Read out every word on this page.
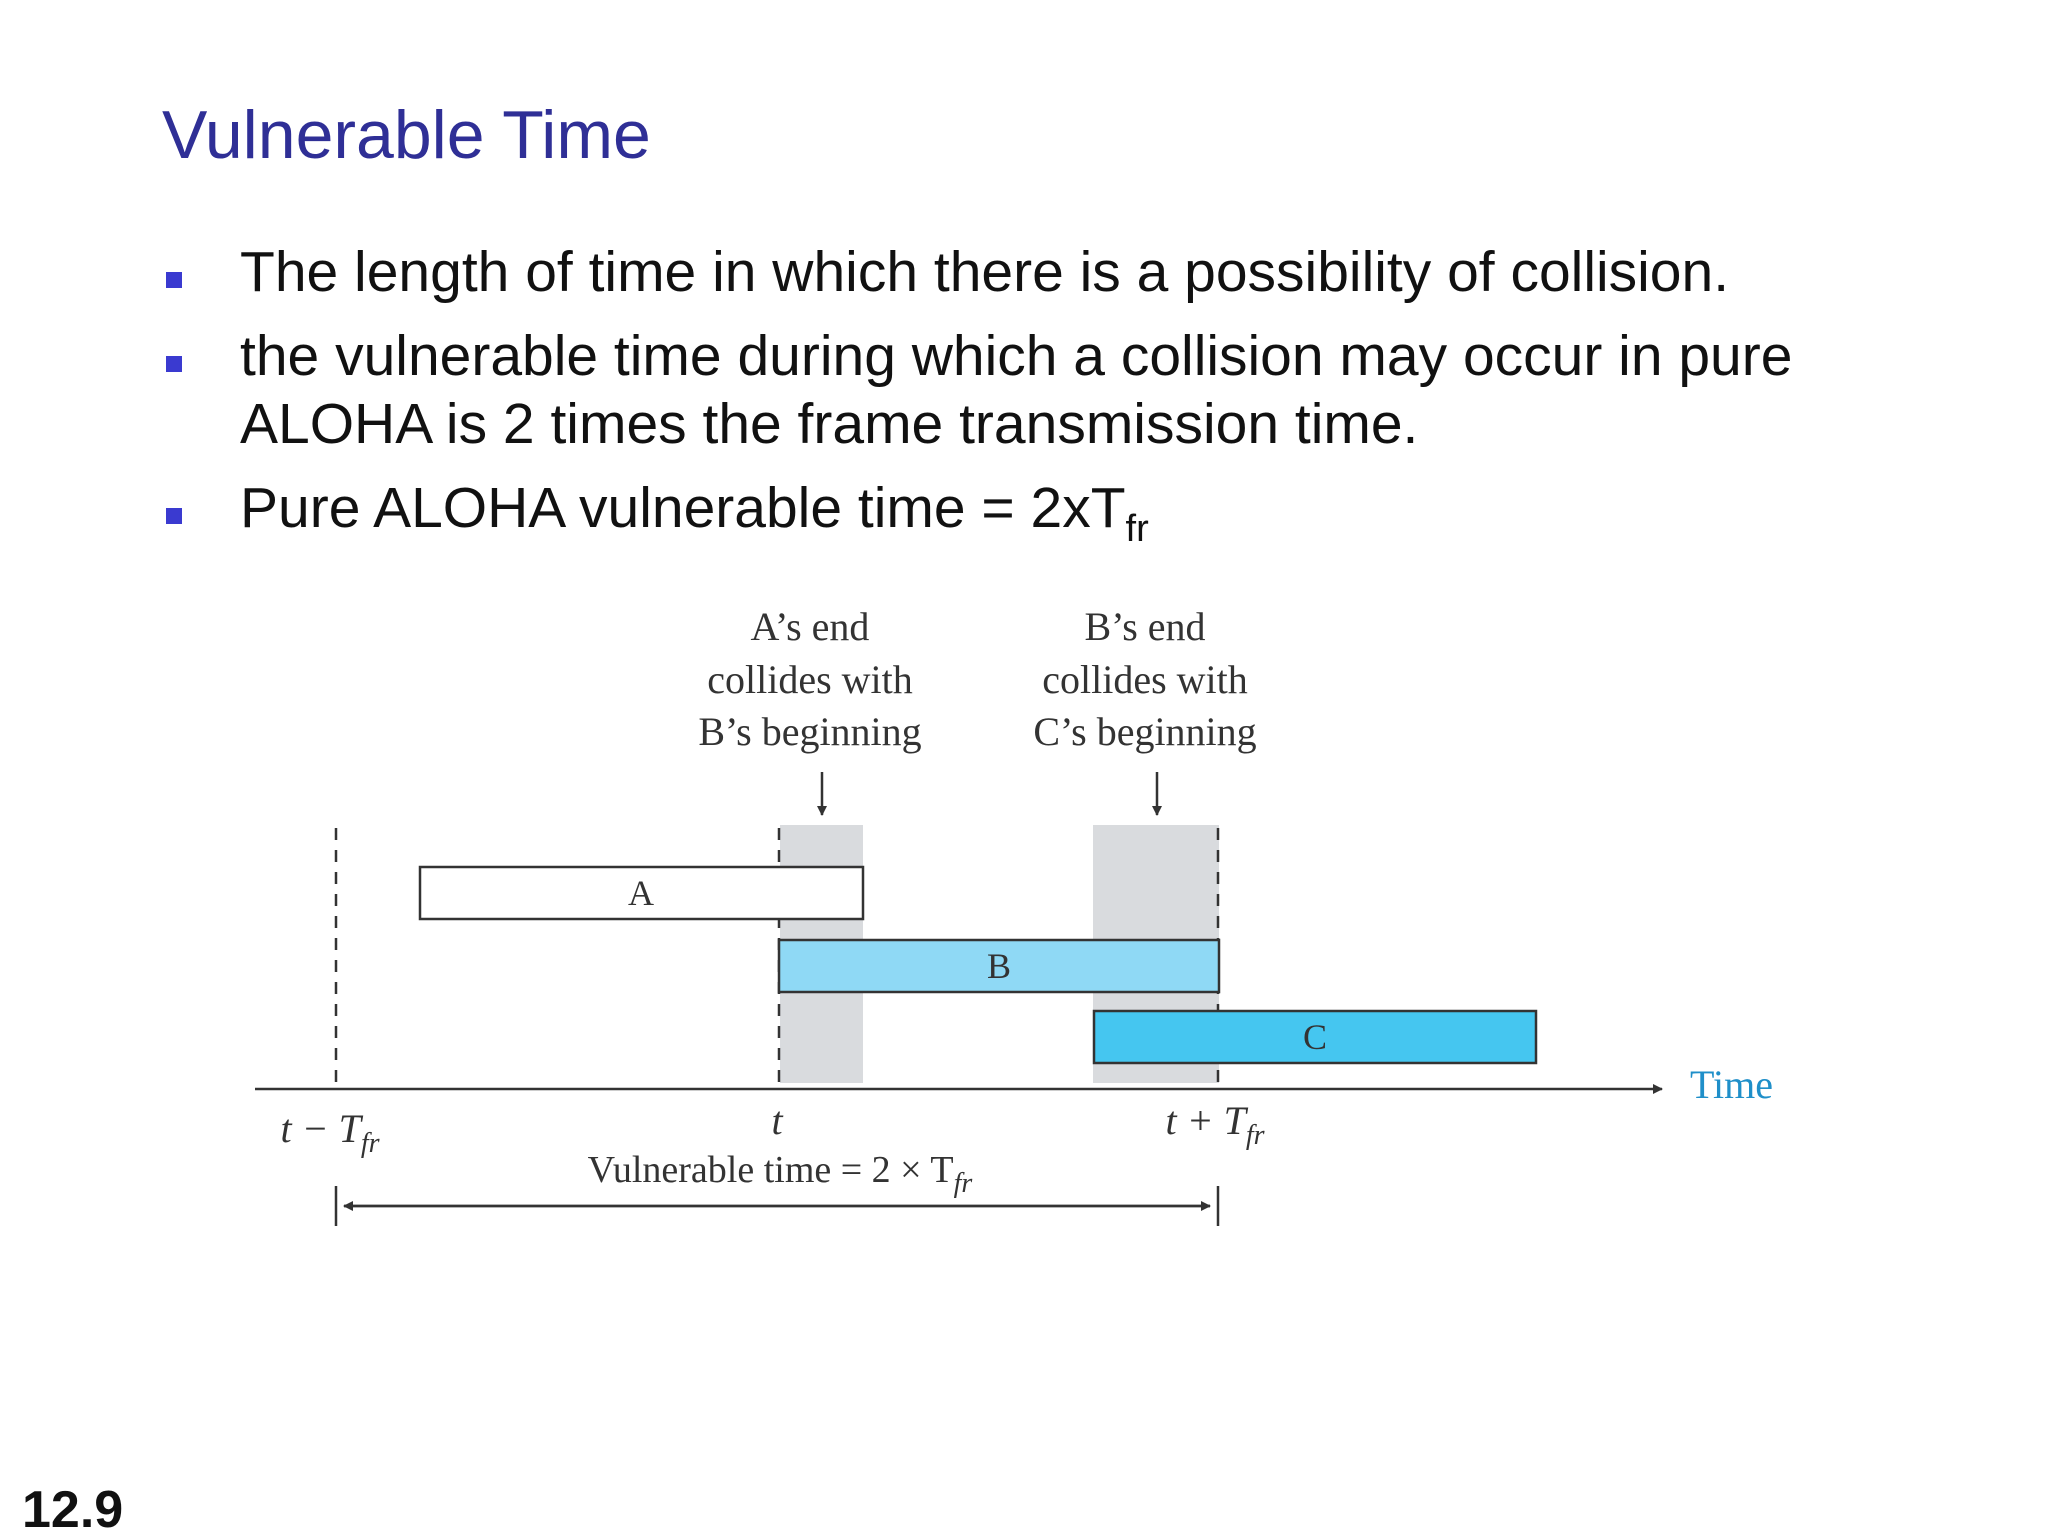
Vulnerable Time
The length of time in which there is a possibility of collision.
the vulnerable time during which a collision may occur in pure
ALOHA is 2 times the frame transmission time.
Pure ALOHA vulnerable time = $2xT_{fr}$
A
B
C
Time
$t - T_{fr}$
t	$t + T_{fr}$
Vulnerable time = $2 \times T_{fr}$
A’s end
collides with
B’s beginning
B’s end
collides with
C’s beginning
12.9
